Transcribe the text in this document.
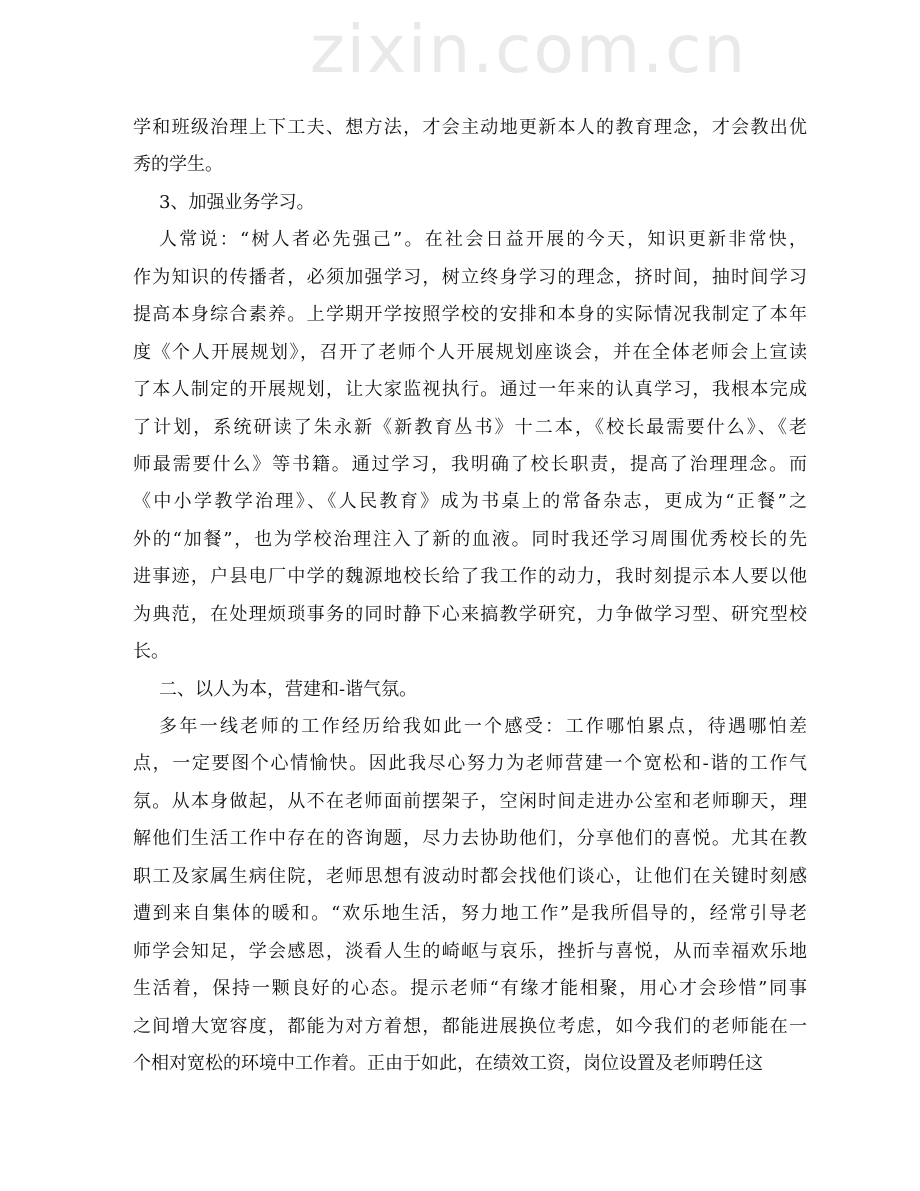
zixin.com.cn
学和班级治理上下工夫、想方法，才会主动地更新本人的教育理念，才会教出优
秀的学生。
3、加强业务学习。
人常说：“树人者必先强己”。在社会日益开展的今天，知识更新非常快，
作为知识的传播者，必须加强学习，树立终身学习的理念，挤时间，抽时间学习
提高本身综合素养。上学期开学按照学校的安排和本身的实际情况我制定了本年
度《个人开展规划》，召开了老师个人开展规划座谈会，并在全体老师会上宣读
了本人制定的开展规划，让大家监视执行。通过一年来的认真学习，我根本完成
了计划，系统研读了朱永新《新教育丛书》十二本，《校长最需要什么》、《老
师最需要什么》等书籍。通过学习，我明确了校长职责，提高了治理理念。而
《中小学教学治理》、《人民教育》成为书桌上的常备杂志，更成为“正餐”之
外的“加餐”，也为学校治理注入了新的血液。同时我还学习周围优秀校长的先
进事迹，户县电厂中学的魏源地校长给了我工作的动力，我时刻提示本人要以他
为典范，在处理烦琐事务的同时静下心来搞教学研究，力争做学习型、研究型校
长。
二、以人为本，营建和-谐气氛。
多年一线老师的工作经历给我如此一个感受：工作哪怕累点，待遇哪怕差
点，一定要图个心情愉快。因此我尽心努力为老师营建一个宽松和-谐的工作气
氛。从本身做起，从不在老师面前摆架子，空闲时间走进办公室和老师聊天，理
解他们生活工作中存在的咨询题，尽力去协助他们，分享他们的喜悦。尤其在教
职工及家属生病住院，老师思想有波动时都会找他们谈心，让他们在关键时刻感
遭到来自集体的暖和。“欢乐地生活，努力地工作”是我所倡导的，经常引导老
师学会知足，学会感恩，淡看人生的崎岖与哀乐，挫折与喜悦，从而幸福欢乐地
生活着，保持一颗良好的心态。提示老师“有缘才能相聚，用心才会珍惜”同事
之间增大宽容度，都能为对方着想，都能进展换位考虑，如今我们的老师能在一
个相对宽松的环境中工作着。正由于如此，在绩效工资，岗位设置及老师聘任这
